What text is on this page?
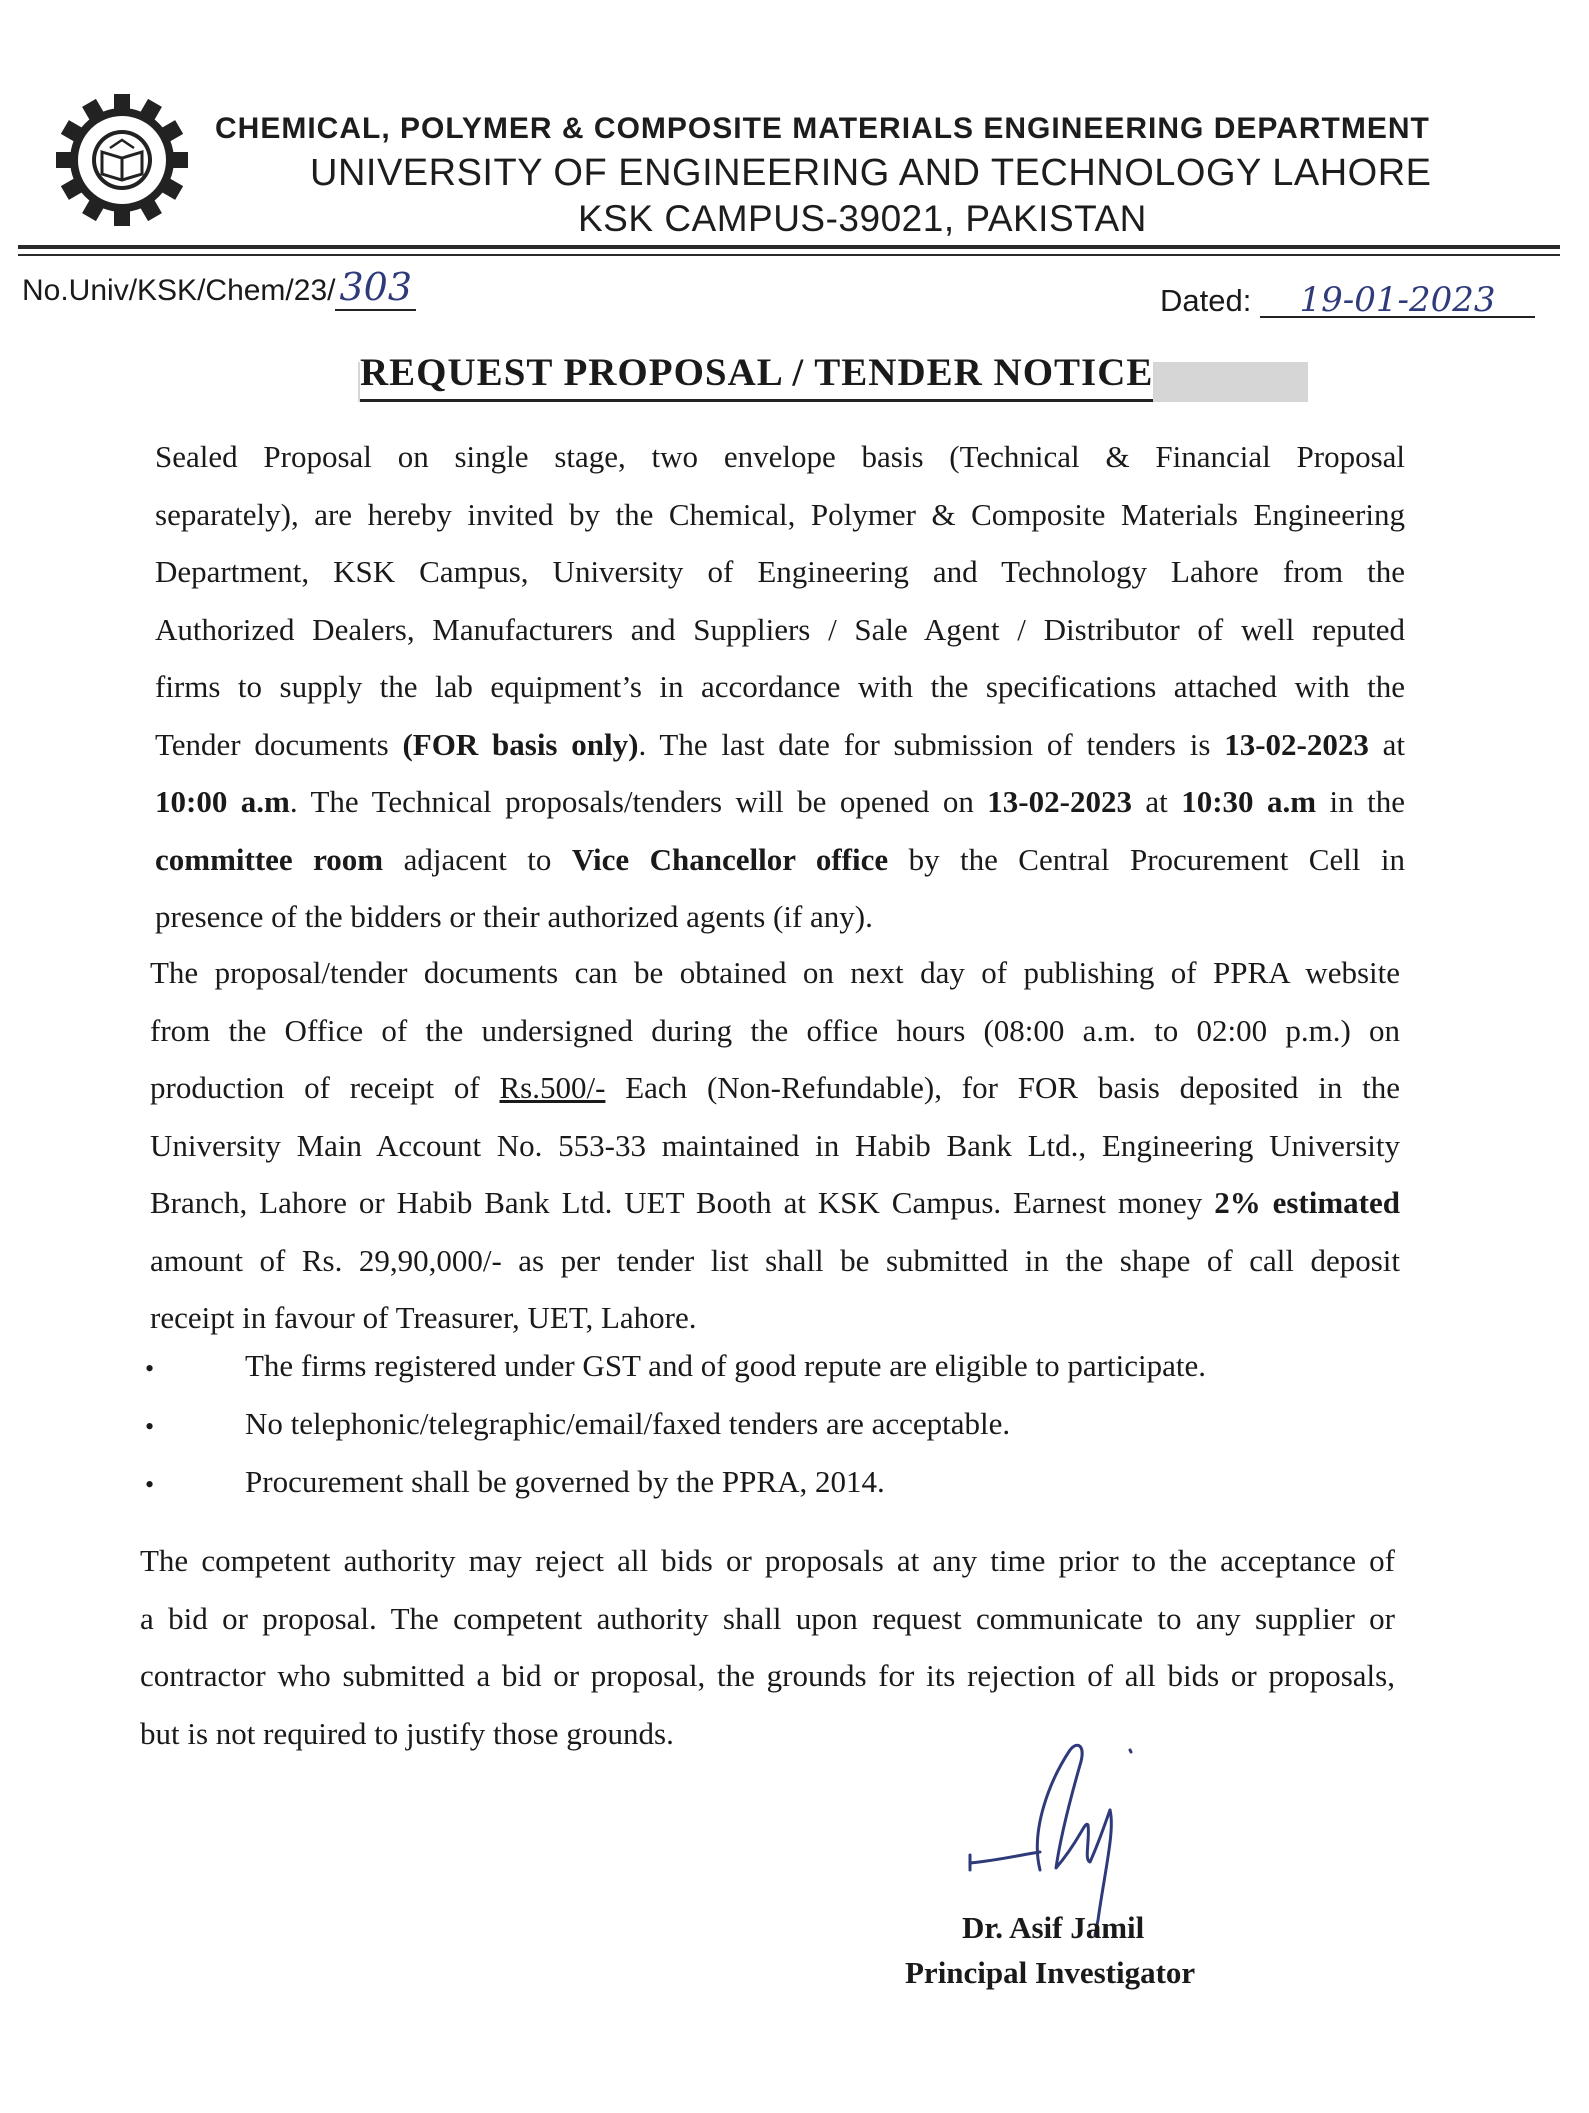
CHEMICAL, POLYMER & COMPOSITE MATERIALS ENGINEERING DEPARTMENT
UNIVERSITY OF ENGINEERING AND TECHNOLOGY LAHORE
KSK CAMPUS-39021, PAKISTAN
No.Univ/KSK/Chem/23/ 303	Dated: 19-01-2023
REQUEST PROPOSAL / TENDER NOTICE
Sealed Proposal on single stage, two envelope basis (Technical & Financial Proposal
separately), are hereby invited by the Chemical, Polymer & Composite Materials Engineering
Department, KSK Campus, University of Engineering and Technology Lahore from the
Authorized Dealers, Manufacturers and Suppliers / Sale Agent / Distributor of well reputed
firms to supply the lab equipment’s in accordance with the specifications attached with the
Tender documents (FOR basis only). The last date for submission of tenders is 13-02-2023 at
10:00 a.m. The Technical proposals/tenders will be opened on 13-02-2023 at 10:30 a.m in the
committee room adjacent to Vice Chancellor office by the Central Procurement Cell in
presence of the bidders or their authorized agents (if any).
The proposal/tender documents can be obtained on next day of publishing of PPRA website
from the Office of the undersigned during the office hours (08:00 a.m. to 02:00 p.m.) on
production of receipt of Rs.500/- Each (Non-Refundable), for FOR basis deposited in the
University Main Account No. 553-33 maintained in Habib Bank Ltd., Engineering University
Branch, Lahore or Habib Bank Ltd. UET Booth at KSK Campus. Earnest money 2% estimated
amount of Rs. 29,90,000/- as per tender list shall be submitted in the shape of call deposit
receipt in favour of Treasurer, UET, Lahore.
•	The firms registered under GST and of good repute are eligible to participate.
•	No telephonic/telegraphic/email/faxed tenders are acceptable.
•	Procurement shall be governed by the PPRA, 2014.
The competent authority may reject all bids or proposals at any time prior to the acceptance of
a bid or proposal. The competent authority shall upon request communicate to any supplier or
contractor who submitted a bid or proposal, the grounds for its rejection of all bids or proposals,
but is not required to justify those grounds.
Dr. Asif Jamil
Principal Investigator
